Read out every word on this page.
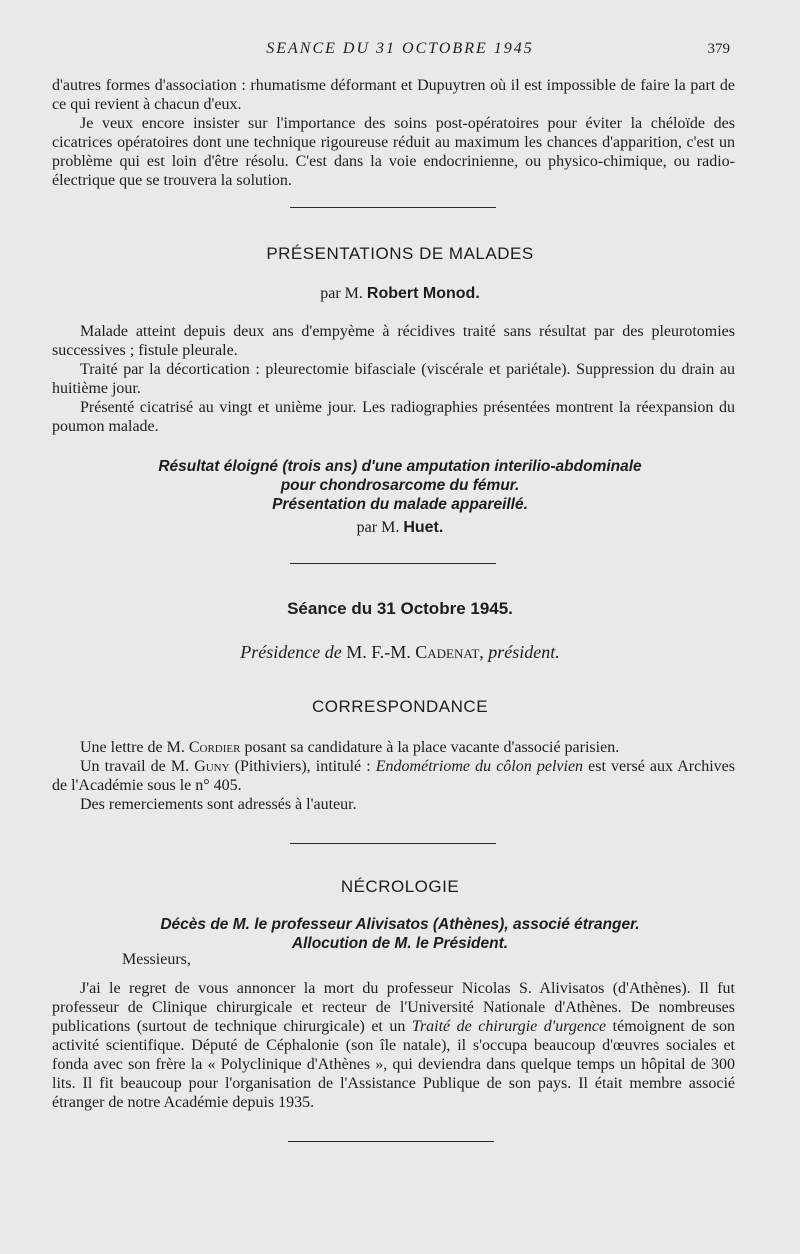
SEANCE DU 31 OCTOBRE 1945	379

d'autres formes d'association : rhumatisme déformant et Dupuytren où il est impossible de faire la part de ce qui revient à chacun d'eux.

Je veux encore insister sur l'importance des soins post-opératoires pour éviter la chéloïde des cicatrices opératoires dont une technique rigoureuse réduit au maximum les chances d'apparition, c'est un problème qui est loin d'être résolu. C'est dans la voie endocrinienne, ou physico-chimique, ou radio-électrique que se trouvera la solution.

PRÉSENTATIONS DE MALADES
par M. Robert Monod.

Malade atteint depuis deux ans d'empyème à récidives traité sans résultat par des pleurotomies successives ; fistule pleurale.

Traité par la décortication : pleurectomie bifasciale (viscérale et pariétale). Suppression du drain au huitième jour.

Présenté cicatrisé au vingt et unième jour. Les radiographies présentées montrent la réexpansion du poumon malade.

Résultat éloigné (trois ans) d'une amputation interilio-abdominale
pour chondrosarcome du fémur.
Présentation du malade appareillé.
par M. Huet.
Séance du 31 Octobre 1945.
Présidence de M. F.-M. Cadenat, président.
CORRESPONDANCE

Une lettre de M. Cordier posant sa candidature à la place vacante d'associé parisien.

Un travail de M. Guny (Pithiviers), intitulé : Endométriome du côlon pelvien est versé aux Archives de l'Académie sous le n° 405.

Des remerciements sont adressés à l'auteur.

NÉCROLOGIE
Décès de M. le professeur Alivisatos (Athènes), associé étranger.
Allocution de M. le Président.
Messieurs,

J'ai le regret de vous annoncer la mort du professeur Nicolas S. Alivisatos (d'Athènes). Il fut professeur de Clinique chirurgicale et recteur de l'Université Nationale d'Athènes. De nombreuses publications (surtout de technique chirurgicale) et un Traité de chirurgie d'urgence témoignent de son activité scientifique. Député de Céphalonie (son île natale), il s'occupa beaucoup d'œuvres sociales et fonda avec son frère la « Polyclinique d'Athènes », qui deviendra dans quelque temps un hôpital de 300 lits. Il fit beaucoup pour l'organisation de l'Assistance Publique de son pays. Il était membre associé étranger de notre Académie depuis 1935.
